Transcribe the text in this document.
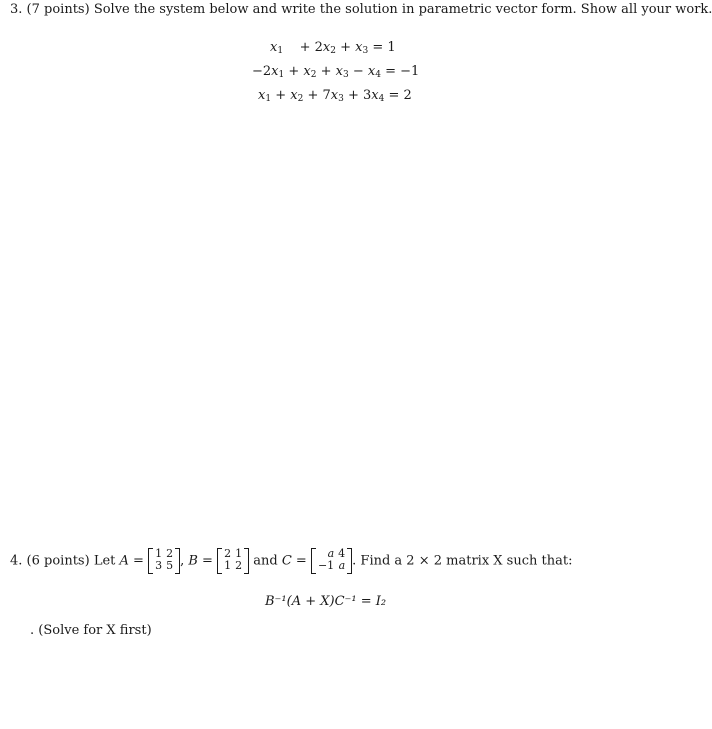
3. (7 points) Solve the system below and write the solution in parametric vector form. Show all your work.
$x_1$    + $2x_2 + x_3 = 1$
$-2x_1 + x_2 + x_3 - x_4 = -1$
$x_1 + x_2 + 7x_3 + 3x_4 = 2$
4. (6 points) Let A = 1	2
3	5 , B = 2	1
1	2 and C = a	4
−1	a . Find a 2 × 2 matrix X such that:
B⁻¹(A + X)C⁻¹ = I₂
. (Solve for X first)
